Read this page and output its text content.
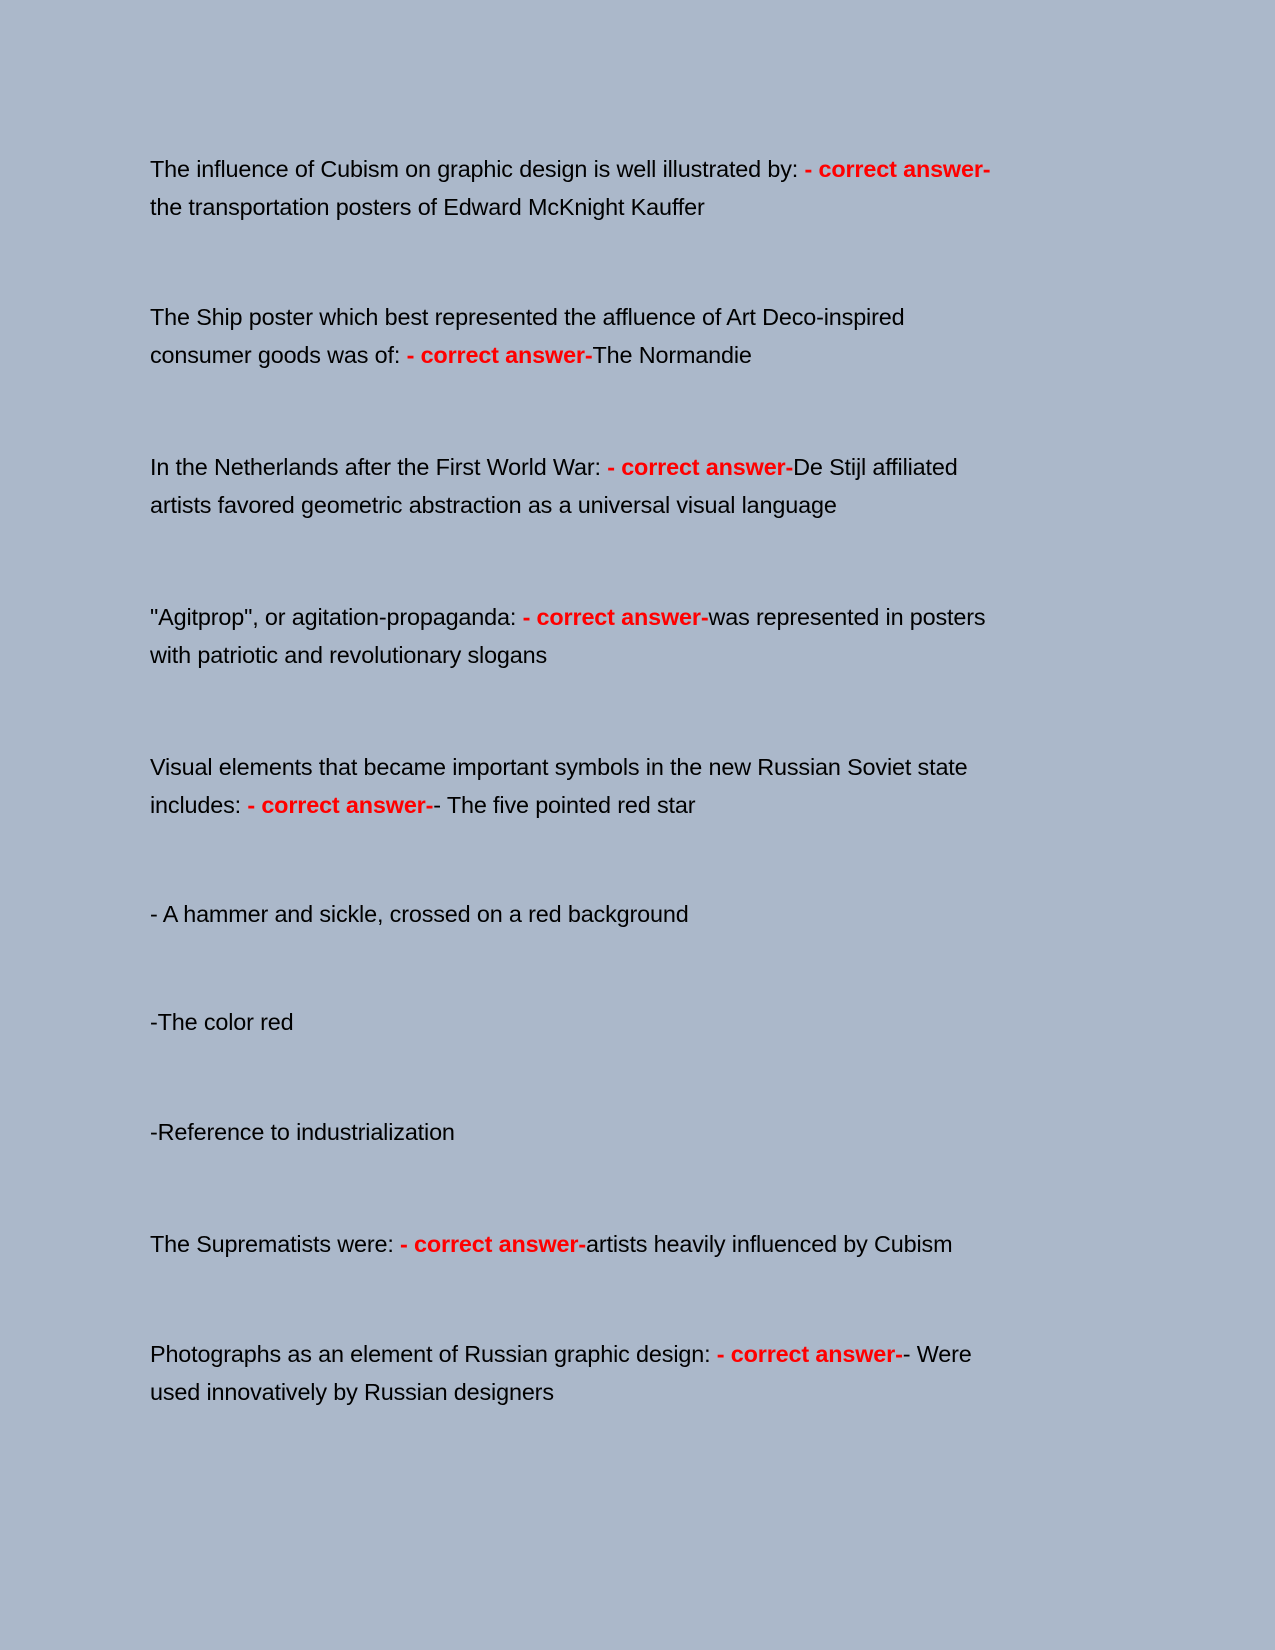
The influence of Cubism on graphic design is well illustrated by: - correct answer-
the transportation posters of Edward McKnight Kauffer
The Ship poster which best represented the affluence of Art Deco-inspired
consumer goods was of: - correct answer-The Normandie
In the Netherlands after the First World War: - correct answer-De Stijl affiliated
artists favored geometric abstraction as a universal visual language
"Agitprop", or agitation-propaganda: - correct answer-was represented in posters
with patriotic and revolutionary slogans
Visual elements that became important symbols in the new Russian Soviet state
includes: - correct answer-- The five pointed red star
- A hammer and sickle, crossed on a red background
-The color red
-Reference to industrialization
The Suprematists were: - correct answer-artists heavily influenced by Cubism
Photographs as an element of Russian graphic design: - correct answer-- Were
used innovatively by Russian designers
